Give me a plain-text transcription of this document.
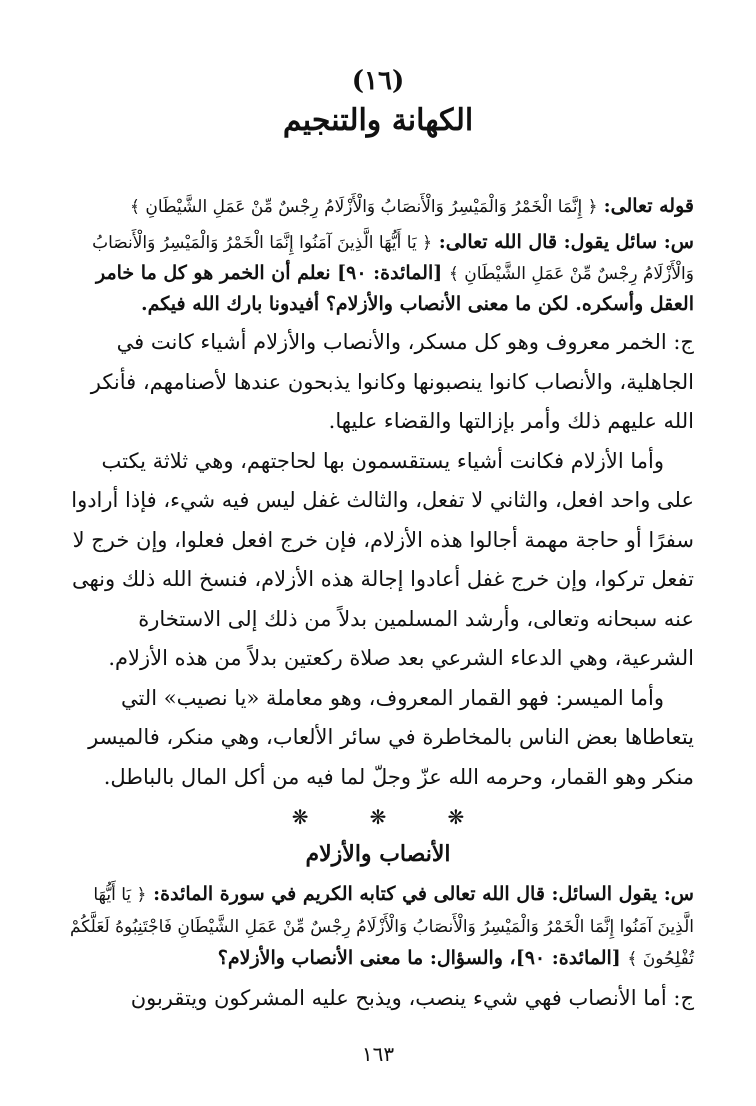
(١٦)
الكهانة والتنجيم
قوله تعالى: ﴿ إِنَّمَا الْخَمْرُ وَالْمَيْسِرُ وَالْأَنصَابُ وَالْأَزْلَامُ رِجْسٌ مِّنْ عَمَلِ الشَّيْطَانِ ﴾
س: سائل يقول: قال الله تعالى: ﴿ يَا أَيُّهَا الَّذِينَ آمَنُوا إِنَّمَا الْخَمْرُ وَالْمَيْسِرُ وَالْأَنصَابُ وَالْأَزْلَامُ رِجْسٌ مِّنْ عَمَلِ الشَّيْطَانِ ﴾ [المائدة: ٩٠] نعلم أن الخمر هو كل ما خامر العقل وأسكره. لكن ما معنى الأنصاب والأزلام؟ أفيدونا بارك الله فيكم.

ج: الخمر معروف وهو كل مسكر، والأنصاب والأزلام أشياء كانت في الجاهلية، والأنصاب كانوا ينصبونها وكانوا يذبحون عندها لأصنامهم، فأنكر الله عليهم ذلك وأمر بإزالتها والقضاء عليها.

وأما الأزلام فكانت أشياء يستقسمون بها لحاجتهم، وهي ثلاثة يكتب على واحد افعل، والثاني لا تفعل، والثالث غفل ليس فيه شيء، فإذا أرادوا سفرًا أو حاجة مهمة أجالوا هذه الأزلام، فإن خرج افعل فعلوا، وإن خرج لا تفعل تركوا، وإن خرج غفل أعادوا إجالة هذه الأزلام، فنسخ الله ذلك ونهى عنه سبحانه وتعالى، وأرشد المسلمين بدلاً من ذلك إلى الاستخارة الشرعية، وهي الدعاء الشرعي بعد صلاة ركعتين بدلاً من هذه الأزلام.

وأما الميسر: فهو القمار المعروف، وهو معاملة «يا نصيب» التي يتعاطاها بعض الناس بالمخاطرة في سائر الألعاب، وهي منكر، فالميسر منكر وهو القمار، وحرمه الله عزّ وجلّ لما فيه من أكل المال بالباطل.

❋	❋	❋
الأنصاب والأزلام
س: يقول السائل: قال الله تعالى في كتابه الكريم في سورة المائدة: ﴿ يَا أَيُّهَا الَّذِينَ آمَنُوا إِنَّمَا الْخَمْرُ وَالْمَيْسِرُ وَالْأَنصَابُ وَالْأَزْلَامُ رِجْسٌ مِّنْ عَمَلِ الشَّيْطَانِ فَاجْتَنِبُوهُ لَعَلَّكُمْ تُفْلِحُونَ ﴾ [المائدة: ٩٠]، والسؤال: ما معنى الأنصاب والأزلام؟

ج: أما الأنصاب فهي شيء ينصب، ويذبح عليه المشركون ويتقربون

١٦٣
